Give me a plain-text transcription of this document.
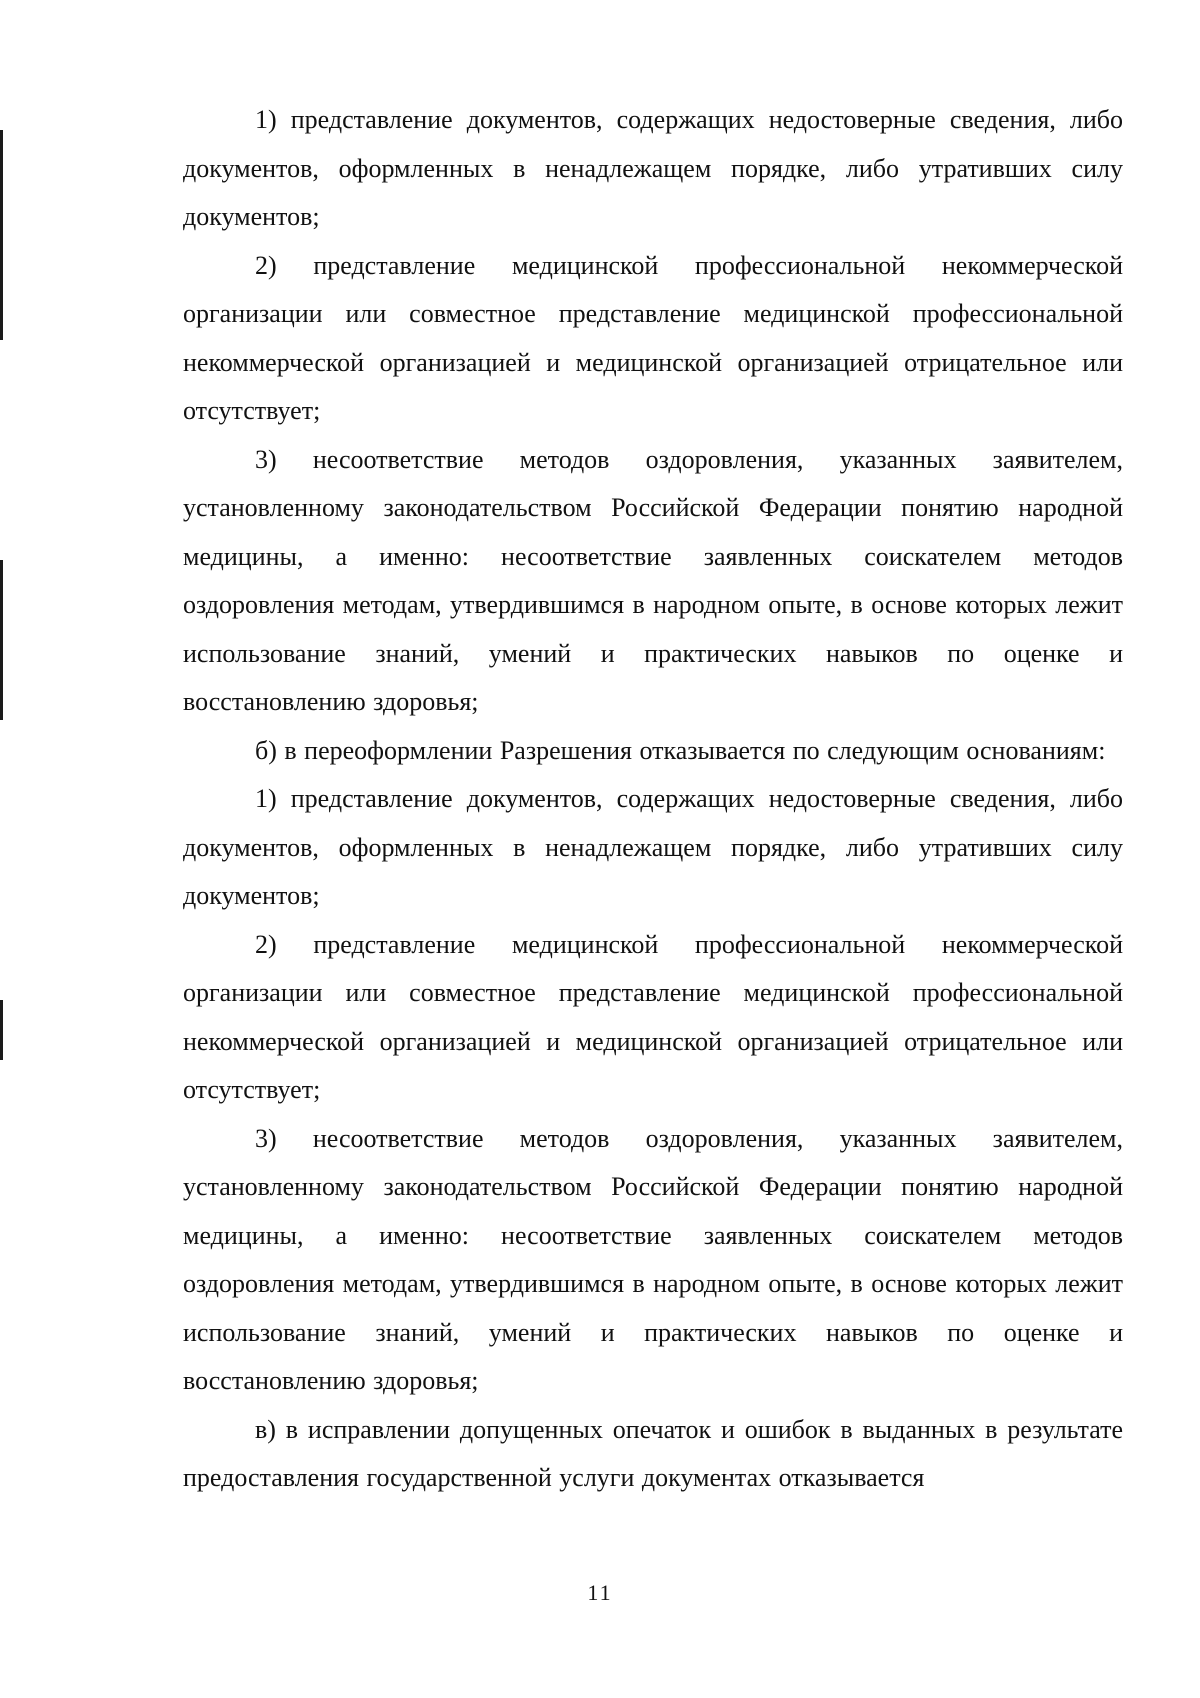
1) представление документов, содержащих недостоверные сведения, либо документов, оформленных в ненадлежащем порядке, либо утративших силу документов;

2) представление медицинской профессиональной некоммерческой организации или совместное представление медицинской профессиональной некоммерческой организацией и медицинской организацией отрицательное или отсутствует;

3) несоответствие методов оздоровления, указанных заявителем, установленному законодательством Российской Федерации понятию народной медицины, а именно: несоответствие заявленных соискателем методов оздоровления методам, утвердившимся в народном опыте, в основе которых лежит использование знаний, умений и практических навыков по оценке и восстановлению здоровья;

б) в переоформлении Разрешения отказывается по следующим основаниям:

1) представление документов, содержащих недостоверные сведения, либо документов, оформленных в ненадлежащем порядке, либо утративших силу документов;

2) представление медицинской профессиональной некоммерческой организации или совместное представление медицинской профессиональной некоммерческой организацией и медицинской организацией отрицательное или отсутствует;

3) несоответствие методов оздоровления, указанных заявителем, установленному законодательством Российской Федерации понятию народной медицины, а именно: несоответствие заявленных соискателем методов оздоровления методам, утвердившимся в народном опыте, в основе которых лежит использование знаний, умений и практических навыков по оценке и восстановлению здоровья;

в) в исправлении допущенных опечаток и ошибок в выданных в результате предоставления государственной услуги документах отказывается

11
